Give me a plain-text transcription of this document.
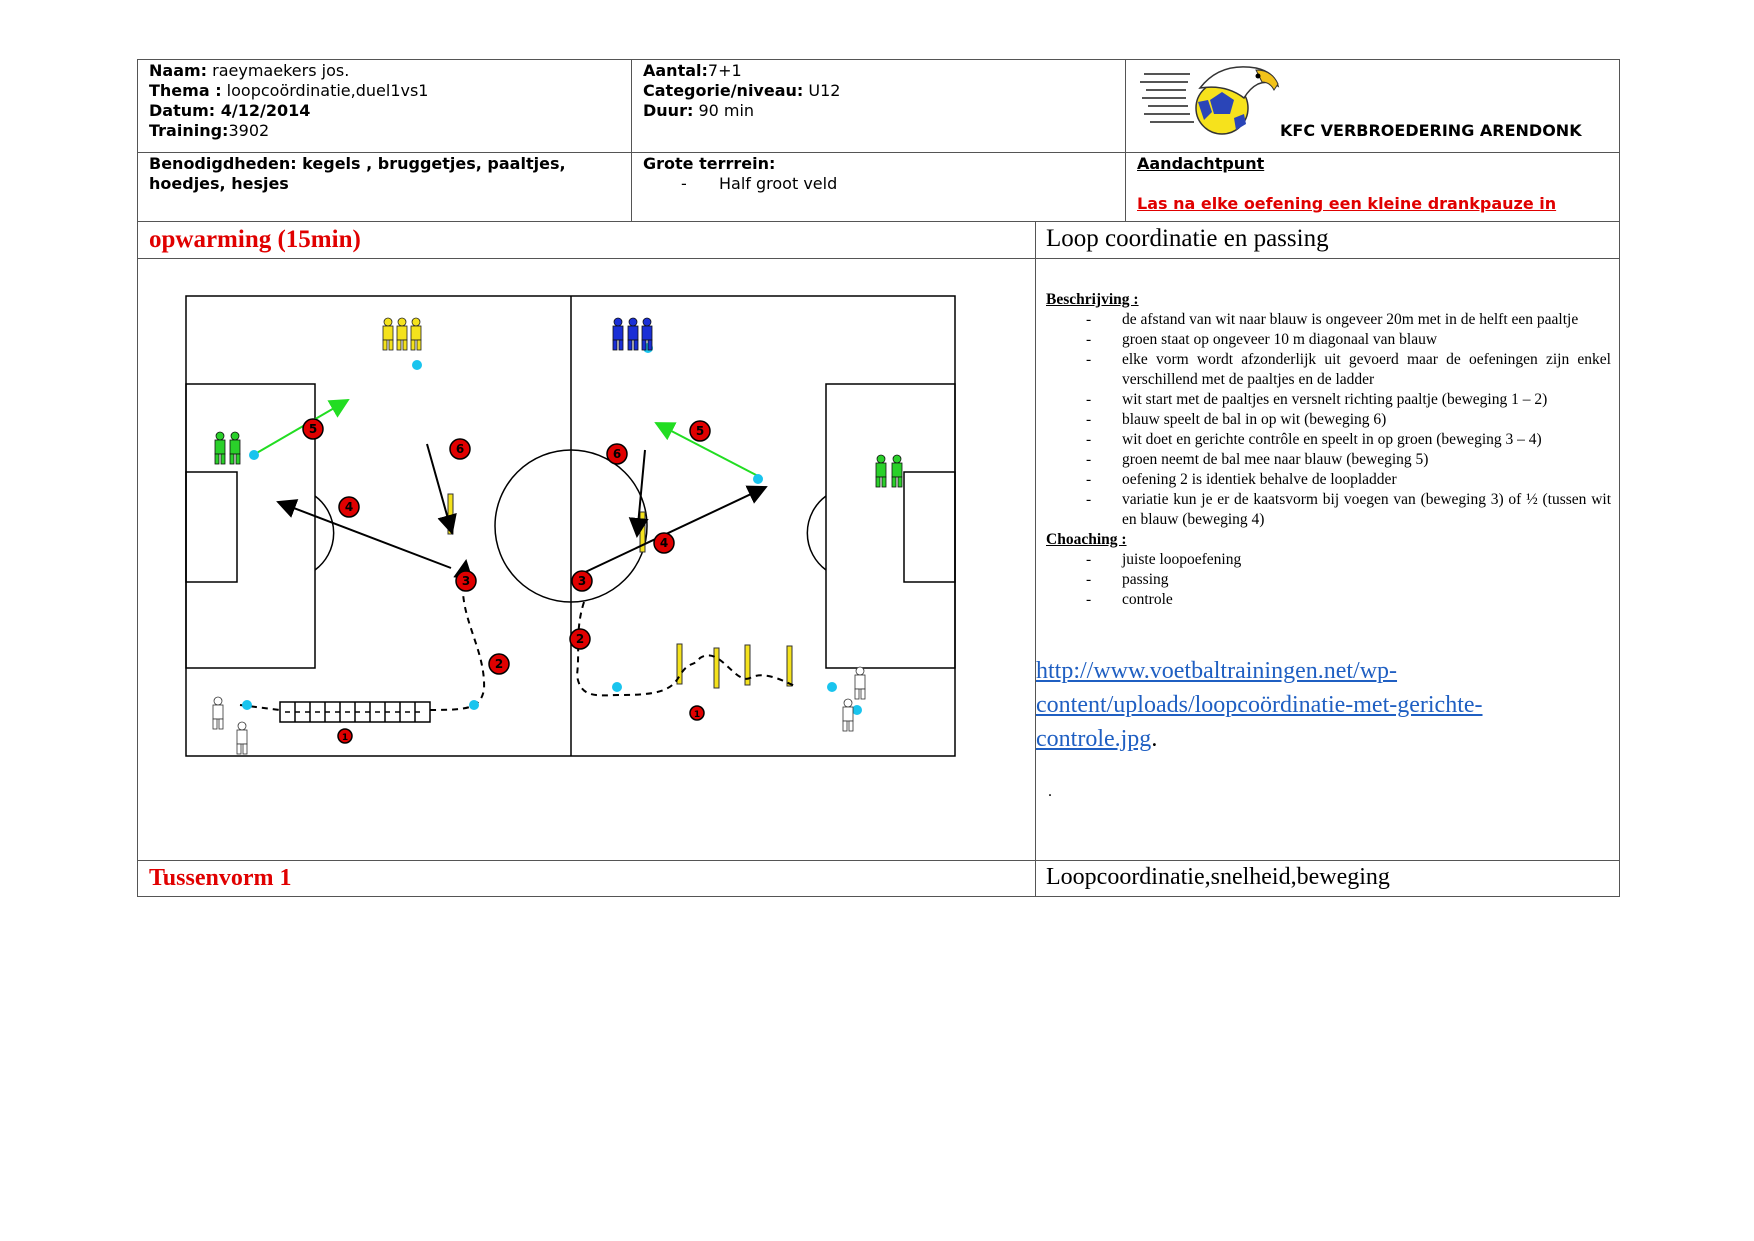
Naam: raeymaekers jos.
Thema : loopcoördinatie,duel1vs1
Datum: 4/12/2014
Training:3902
Aantal:7+1
Categorie/niveau: U12
Duur: 90 min
KFC VERBROEDERING ARENDONK
Benodigdheden: kegels , bruggetjes, paaltjes, hoedjes, hesjes
Grote terrrein:
- Half groot veld
Aandachtpunt
Las na elke oefening een kleine drankpauze in
opwarming (15min)	Loop coordinatie en passing
5
6
4
3
2
1
6
5
4
3
2
1
Beschrijving :
- de afstand van wit naar blauw is ongeveer 20m met in de helft een paaltje
- groen staat op ongeveer 10 m diagonaal van blauw
- elke vorm wordt afzonderlijk uit gevoerd maar de oefeningen zijn enkel verschillend met de paaltjes en de ladder
- wit start met de paaltjes en versnelt richting paaltje (beweging 1 – 2)
- blauw speelt de bal in op wit (beweging 6)
- wit doet en gerichte contrôle en speelt in op groen (beweging 3 – 4)
- groen neemt de bal mee naar blauw (beweging 5)
- oefening 2 is identiek behalve de loopladder
- variatie kun je er de kaatsvorm bij voegen van (beweging 3) of ½ (tussen wit en blauw (beweging 4)
Choaching :
- juiste loopoefening
- passing
- controle
http://www.voetbaltrainingen.net/wp-
content/uploads/loopcoördinatie-met-gerichte-
controle.jpg.
.
Tussenvorm 1	Loopcoordinatie,snelheid,beweging
